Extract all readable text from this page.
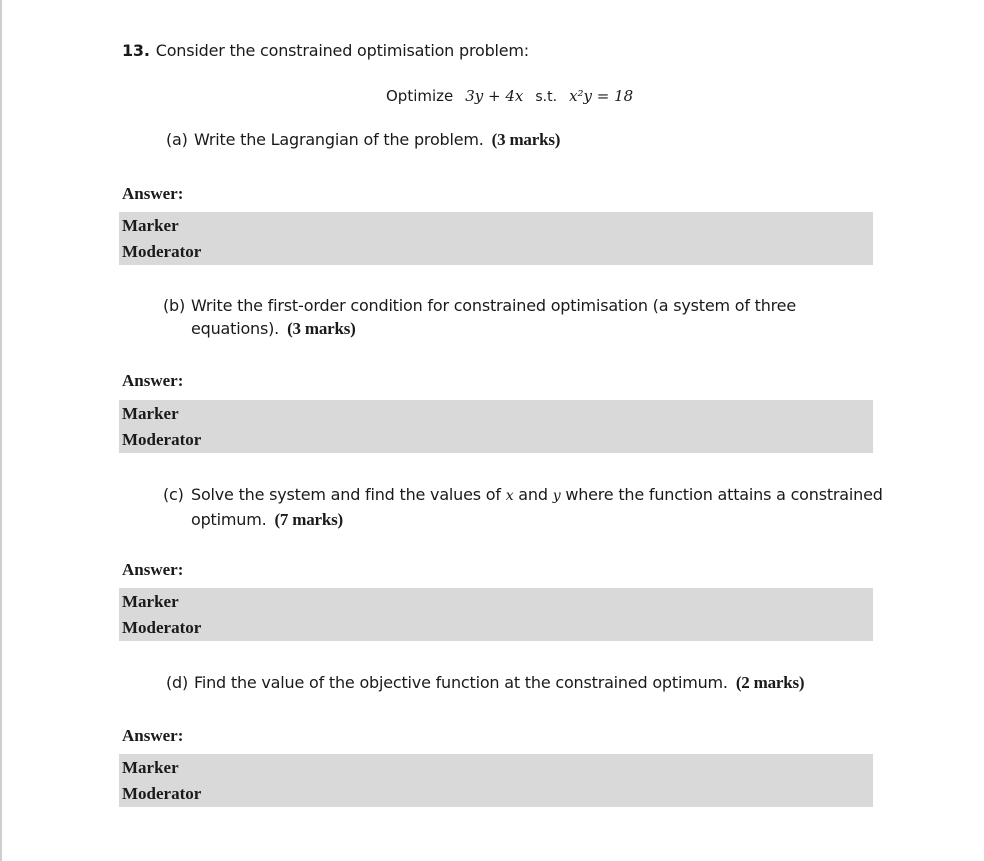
13. Consider the constrained optimisation problem:
Optimize 3y + 4x s.t. x²y = 18
(a) Write the Lagrangian of the problem. (3 marks)
Answer:
Marker
Moderator
(b) Write the first-order condition for constrained optimisation (a system of three
equations). (3 marks)
Answer:
Marker
Moderator
(c) Solve the system and find the values of x and y where the function attains a constrained
optimum. (7 marks)
Answer:
Marker
Moderator
(d) Find the value of the objective function at the constrained optimum. (2 marks)
Answer:
Marker
Moderator
